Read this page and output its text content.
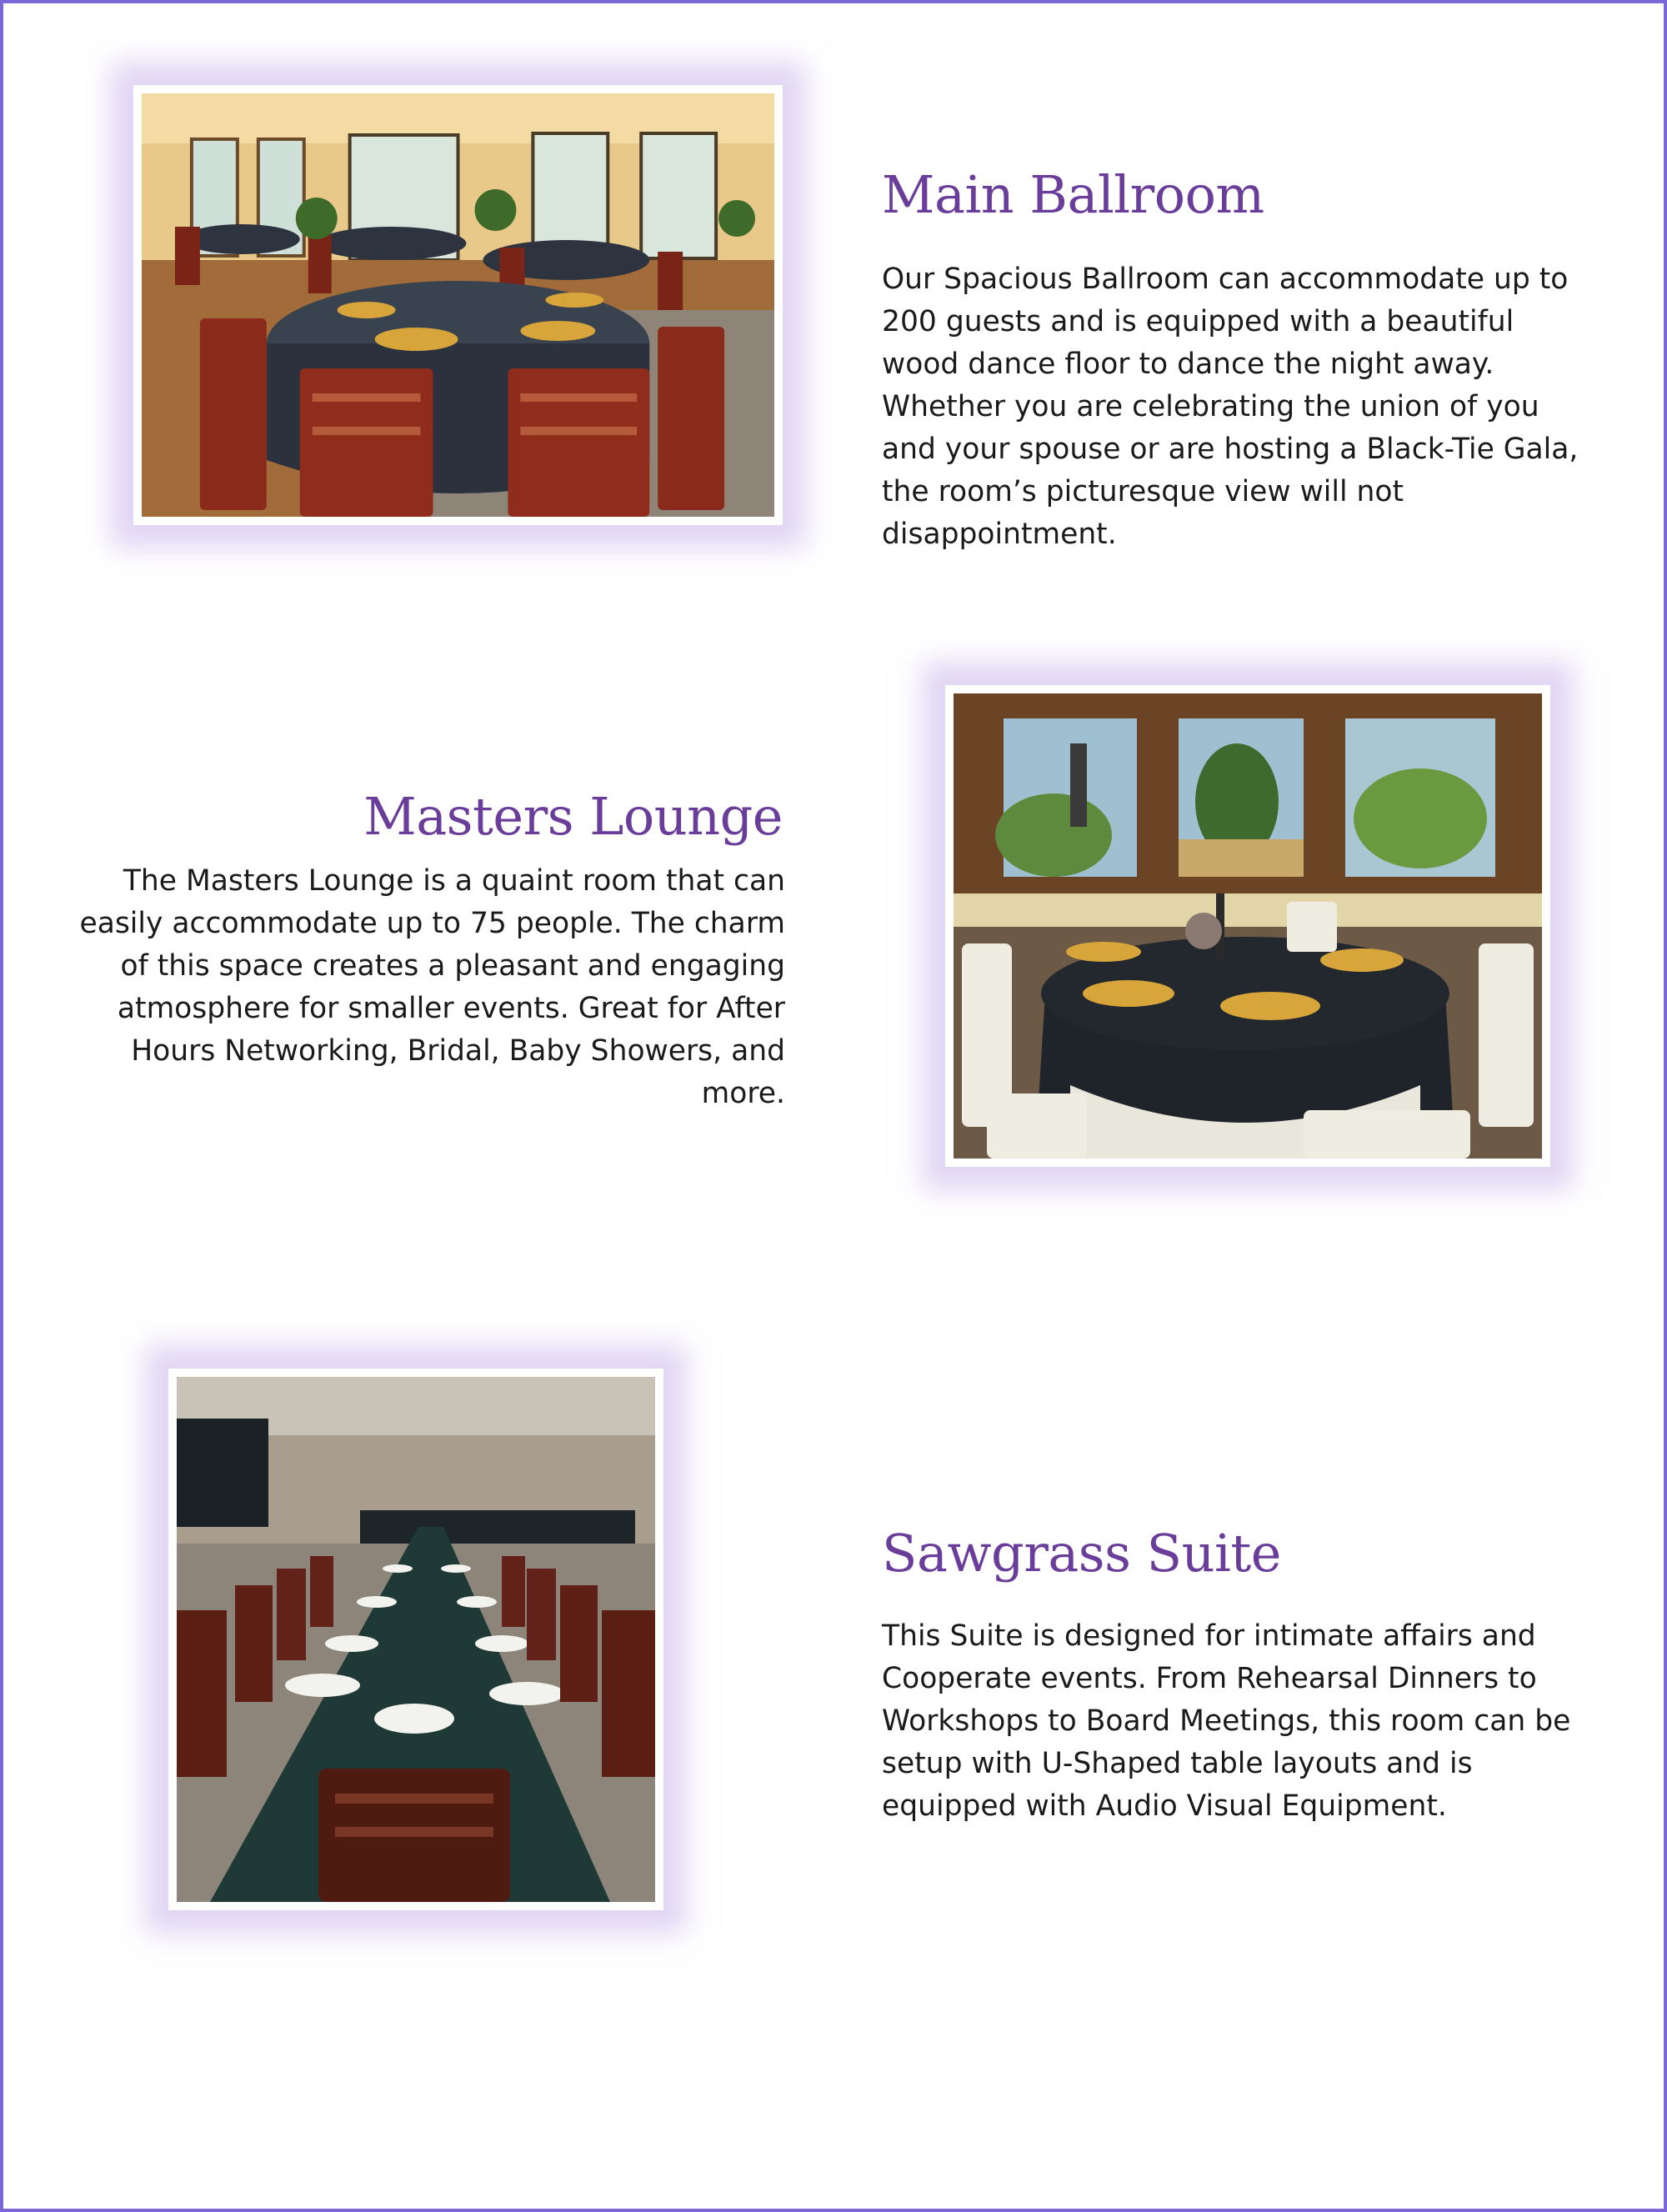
Main Ballroom

Our Spacious Ballroom can accommodate up to 200 guests and is equipped with a beautiful wood dance floor to dance the night away. Whether you are celebrating the union of you and your spouse or are hosting a Black-Tie Gala, the room’s picturesque view will not disappointment.

Masters Lounge

The Masters Lounge is a quaint room that can easily accommodate up to 75 people. The charm of this space creates a pleasant and engaging atmosphere for smaller events. Great for After Hours Networking, Bridal, Baby Showers, and more.

Sawgrass Suite

This Suite is designed for intimate affairs and Cooperate events. From Rehearsal Dinners to Workshops to Board Meetings, this room can be setup with U-Shaped table layouts and is equipped with Audio Visual Equipment.
